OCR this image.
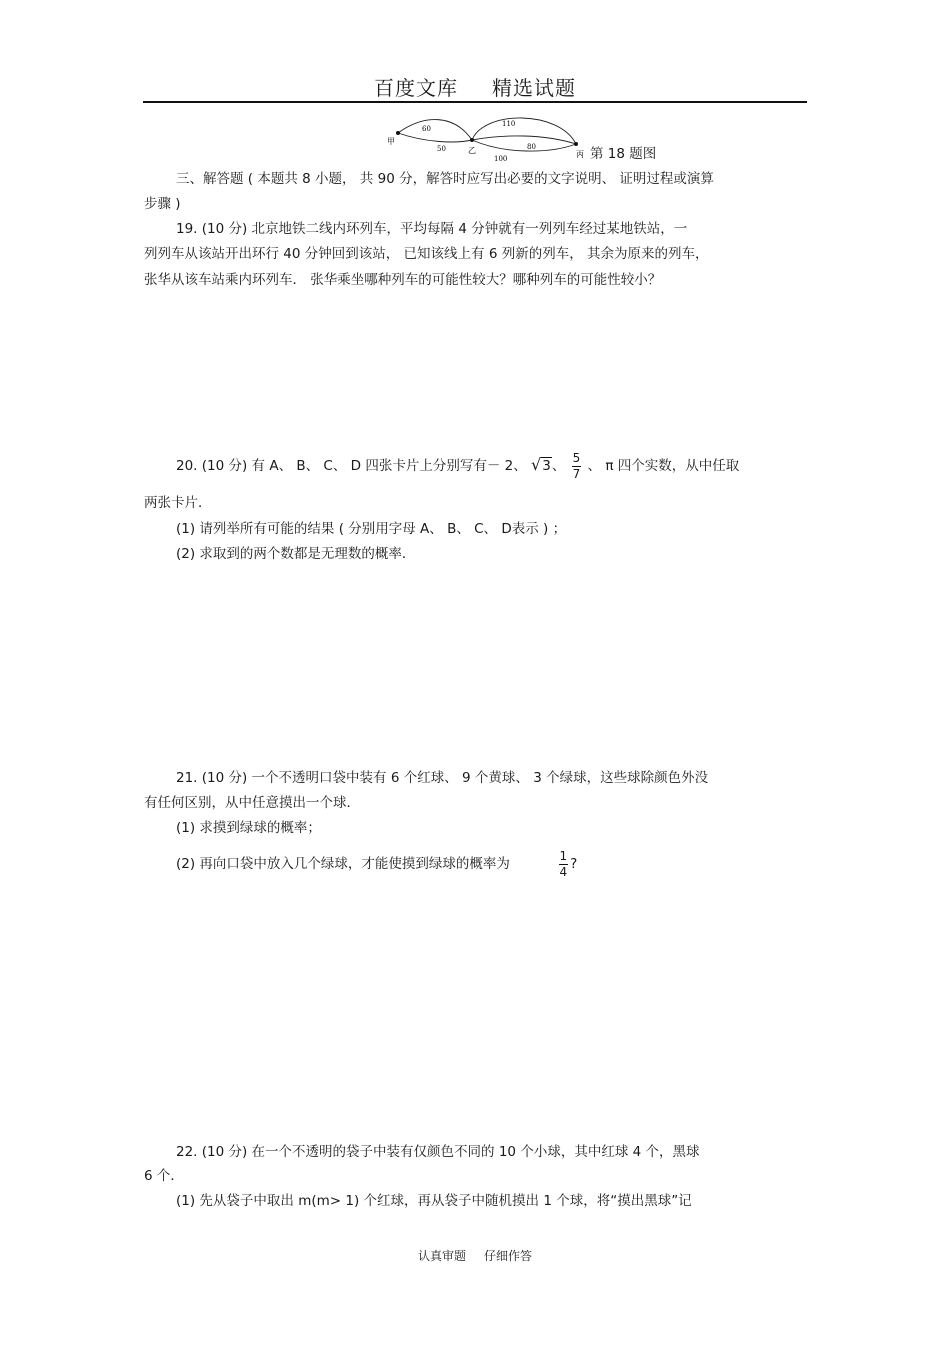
百度文库 精选试题
甲
乙	丙
60
50
110
80
100	第 18 题图
三、解答题 ( 本题共 8 小题， 共 90 分，解答时应写出必要的文字说明、 证明过程或演算
步骤 )
19. (10 分) 北京地铁二线内环列车，平均每隔 4 分钟就有一列列车经过某地铁站，一
列列车从该站开出环行 40 分钟回到该站， 已知该线上有 6 列新的列车， 其余为原来的列车，
张华从该车站乘内环列车． 张华乘坐哪种列车的可能性较大？哪种列车的可能性较小？
20. (10 分) 有 A、 B、 C、 D 四张卡片上分别写有－ 2、 √3、 $\frac{5}{7}$ 、 π 四个实数，从中任取
两张卡片．
(1) 请列举所有可能的结果 ( 分别用字母 A、 B、 C、 D表示 ) ；
(2) 求取到的两个数都是无理数的概率．
21. (10 分) 一个不透明口袋中装有 6 个红球、 9 个黄球、 3 个绿球，这些球除颜色外没
有任何区别，从中任意摸出一个球．
(1) 求摸到绿球的概率；
(2) 再向口袋中放入几个绿球，才能使摸到绿球的概率为	$\frac{1}{4}$ ?
22. (10 分) 在一个不透明的袋子中装有仅颜色不同的 10 个小球，其中红球 4 个，黑球
6 个．
(1) 先从袋子中取出 m(m> 1) 个红球，再从袋子中随机摸出 1 个球，将“摸出黑球”记
认真审题 仔细作答
